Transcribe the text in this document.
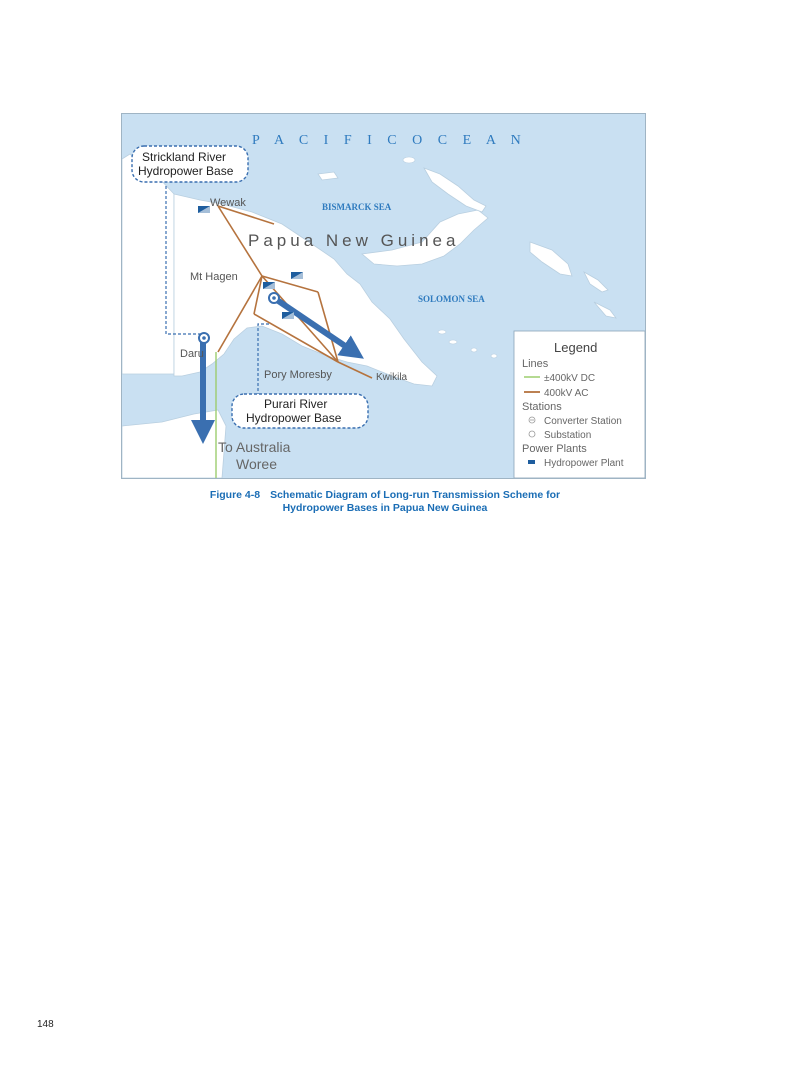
P A C I F I C O C E A N
BISMARCK SEA
SOLOMON SEA
Papua New Guinea
Wewak
Mt Hagen
Daru
Pory Moresby	Kwikila
Strickland River
Hydropower Base
Purari River
Hydropower Base
To Australia
Woree
Legend
Lines
±400kV DC
400kV AC
Stations
Converter Station
Substation
Power Plants
Hydropower Plant
Figure 4-8 Schematic Diagram of Long-run Transmission Scheme for
Hydropower Bases in Papua New Guinea
148
